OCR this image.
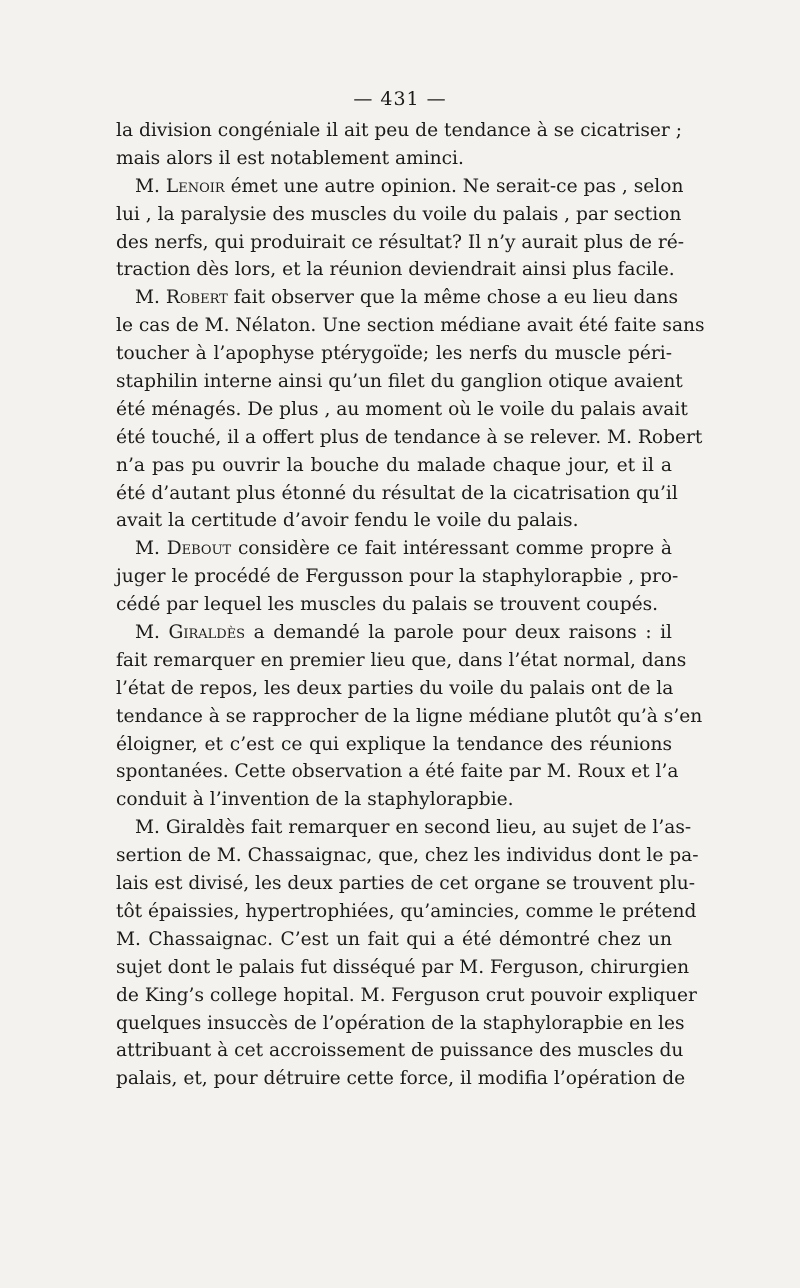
— 431 —
la division congéniale il ait peu de tendance à se cicatriser ;
mais alors il est notablement aminci.
M. Lenoir émet une autre opinion. Ne serait-ce pas , selon
lui , la paralysie des muscles du voile du palais , par section
des nerfs, qui produirait ce résultat? Il n’y aurait plus de ré-
traction dès lors, et la réunion deviendrait ainsi plus facile.
M. Robert fait observer que la même chose a eu lieu dans
le cas de M. Nélaton. Une section médiane avait été faite sans
toucher à l’apophyse ptérygoïde; les nerfs du muscle péri-
staphilin interne ainsi qu’un filet du ganglion otique avaient
été ménagés. De plus , au moment où le voile du palais avait
été touché, il a offert plus de tendance à se relever. M. Robert
n’a pas pu ouvrir la bouche du malade chaque jour, et il a
été d’autant plus étonné du résultat de la cicatrisation qu’il
avait la certitude d’avoir fendu le voile du palais.
M. Debout considère ce fait intéressant comme propre à
juger le procédé de Fergusson pour la staphylorapbie , pro-
cédé par lequel les muscles du palais se trouvent coupés.
M. Giraldès a demandé la parole pour deux raisons : il
fait remarquer en premier lieu que, dans l’état normal, dans
l’état de repos, les deux parties du voile du palais ont de la
tendance à se rapprocher de la ligne médiane plutôt qu’à s’en
éloigner, et c’est ce qui explique la tendance des réunions
spontanées. Cette observation a été faite par M. Roux et l’a
conduit à l’invention de la staphylorapbie.
M. Giraldès fait remarquer en second lieu, au sujet de l’as-
sertion de M. Chassaignac, que, chez les individus dont le pa-
lais est divisé, les deux parties de cet organe se trouvent plu-
tôt épaissies, hypertrophiées, qu’amincies, comme le prétend
M. Chassaignac. C’est un fait qui a été démontré chez un
sujet dont le palais fut disséqué par M. Ferguson, chirurgien
de King’s college hopital. M. Ferguson crut pouvoir expliquer
quelques insuccès de l’opération de la staphylorapbie en les
attribuant à cet accroissement de puissance des muscles du
palais, et, pour détruire cette force, il modifia l’opération de
